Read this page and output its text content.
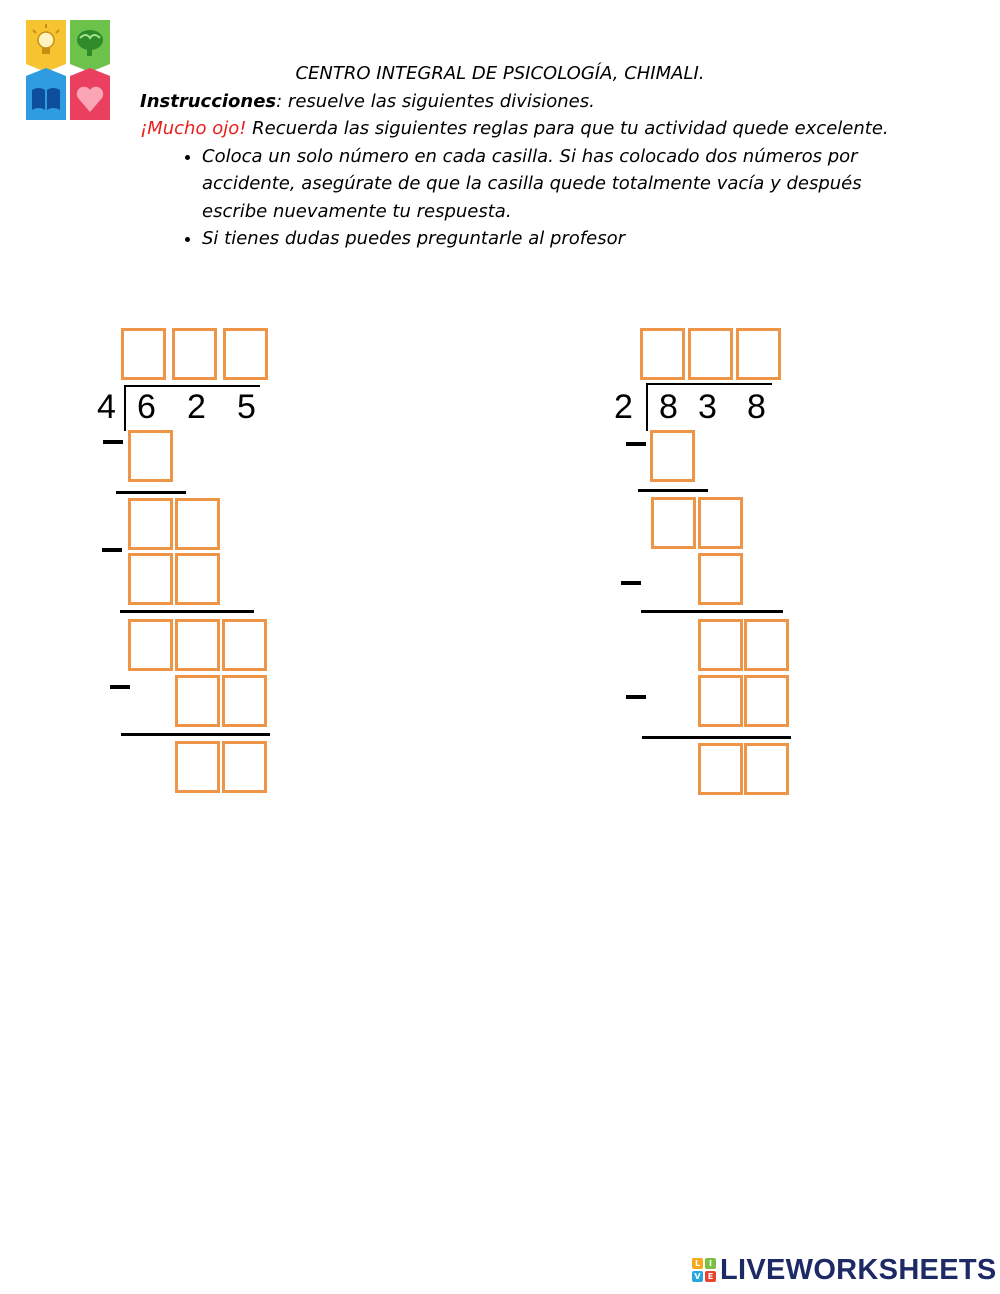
CENTRO INTEGRAL DE PSICOLOGÍA, CHIMALI.
Instrucciones: resuelve las siguientes divisiones.
¡Mucho ojo! Recuerda las siguientes reglas para que tu actividad quede excelente.
• Coloca un solo número en cada casilla. Si has colocado dos números por accidente, asegúrate de que la casilla quede totalmente vacía y después escribe nuevamente tu respuesta.
• Si tienes dudas puedes preguntarle al profesor
4 6 2 5	2 8 3 8
L	I
V E LIVEWORKSHEETS
